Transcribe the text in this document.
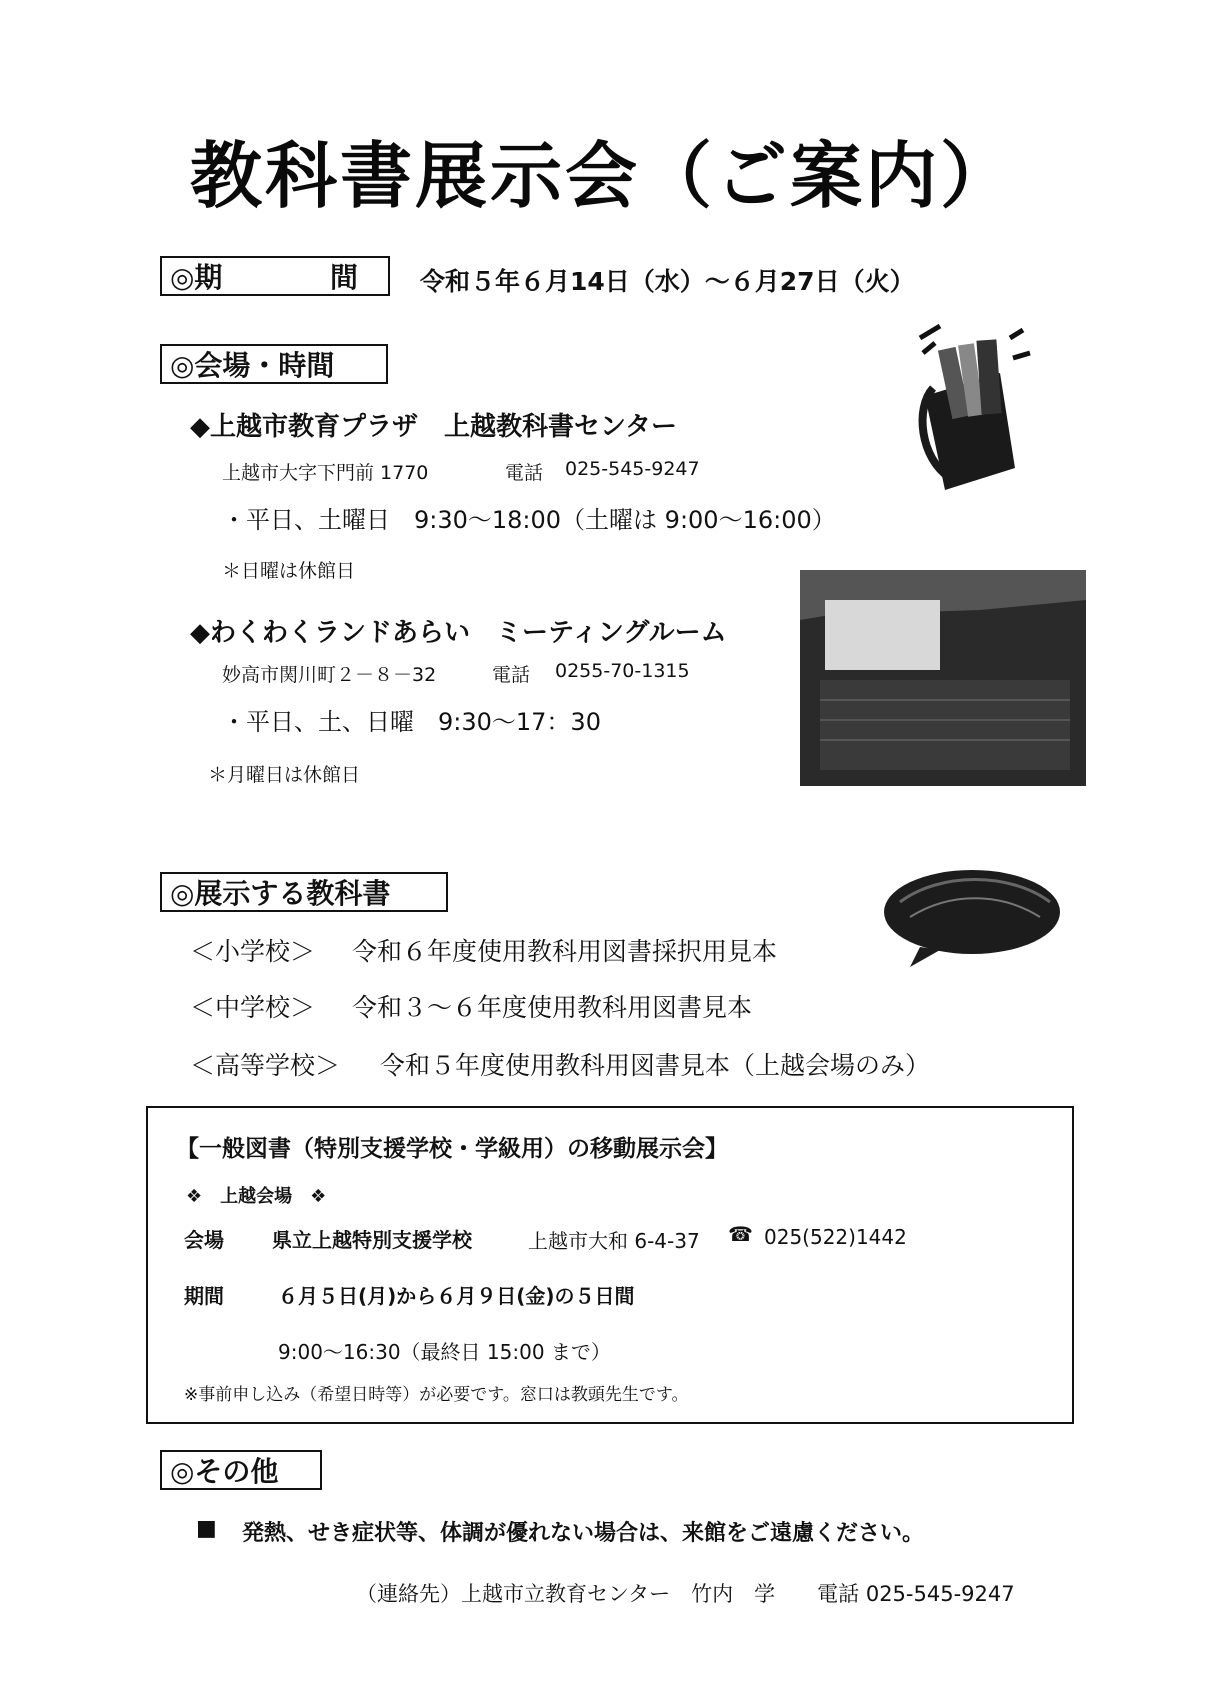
教科書展示会（ご案内）
◎期	間 令和５年６月14日（水）～６月27日（火）
◎会場・時間
◆上越市教育プラザ　上越教科書センター
上越市大字下門前 1770	電話 025-545-9247
・平日、土曜日　9:30～18:00（土曜は 9:00～16:00）
＊日曜は休館日
◆わくわくランドあらい　ミーティングルーム
妙高市関川町２－８－32	電話 0255-70-1315
・平日、土、日曜　9:30～17：30
＊月曜日は休館日
◎展示する教科書
＜小学校＞ 令和６年度使用教科用図書採択用見本
＜中学校＞ 令和３～６年度使用教科用図書見本
＜高等学校＞ 令和５年度使用教科用図書見本（上越会場のみ）
【一般図書（特別支援学校・学級用）の移動展示会】
❖　上越会場　❖
会場 県立上越特別支援学校	上越市大和 6-4-37 ☎ 025(522)1442
期間	６月５日(月)から６月９日(金)の５日間
9:00～16:30（最終日 15:00 まで）
※事前申し込み（希望日時等）が必要です。窓口は教頭先生です。
◎その他
■ 発熱、せき症状等、体調が優れない場合は、来館をご遠慮ください。
（連絡先）上越市立教育センター　竹内　学　　電話 025-545-9247
